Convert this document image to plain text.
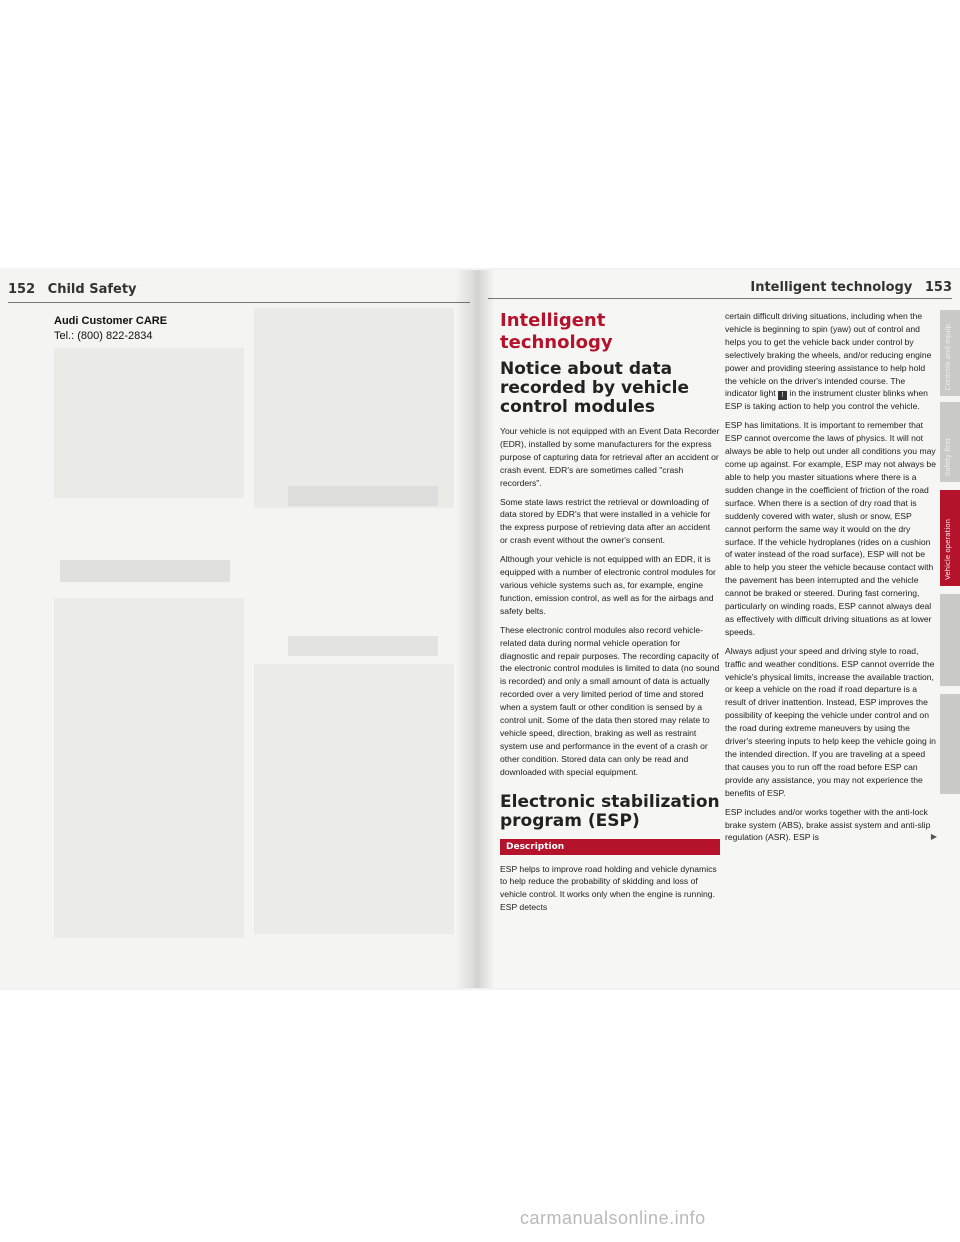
152 Child Safety
Audi Customer CARE
Tel.: (800) 822-2834
Intelligent technology 153
Intelligent technology
Notice about data recorded by vehicle control modules

Your vehicle is not equipped with an Event Data Recorder (EDR), installed by some manufacturers for the express purpose of capturing data for retrieval after an accident or crash event. EDR's are sometimes called "crash recorders".

Some state laws restrict the retrieval or downloading of data stored by EDR's that were installed in a vehicle for the express purpose of retrieving data after an accident or crash event without the owner's consent.

Although your vehicle is not equipped with an EDR, it is equipped with a number of electronic control modules for various vehicle systems such as, for example, engine function, emission control, as well as for the airbags and safety belts.

These electronic control modules also record vehicle-related data during normal vehicle operation for diagnostic and repair purposes. The recording capacity of the electronic control modules is limited to data (no sound is recorded) and only a small amount of data is actually recorded over a very limited period of time and stored when a system fault or other condition is sensed by a control unit. Some of the data then stored may relate to vehicle speed, direction, braking as well as restraint system use and performance in the event of a crash or other condition. Stored data can only be read and downloaded with special equipment.

Electronic stabilization program (ESP)
Description

ESP helps to improve road holding and vehicle dynamics to help reduce the probability of skidding and loss of vehicle control. It works only when the engine is running. ESP detects

certain difficult driving situations, including when the vehicle is beginning to spin (yaw) out of control and helps you to get the vehicle back under control by selectively braking the wheels, and/or reducing engine power and providing steering assistance to help hold the vehicle on the driver's intended course. The indicator light ! in the instrument cluster blinks when ESP is taking action to help you control the vehicle.

ESP has limitations. It is important to remember that ESP cannot overcome the laws of physics. It will not always be able to help out under all conditions you may come up against. For example, ESP may not always be able to help you master situations where there is a sudden change in the coefficient of friction of the road surface. When there is a section of dry road that is suddenly covered with water, slush or snow, ESP cannot perform the same way it would on the dry surface. If the vehicle hydroplanes (rides on a cushion of water instead of the road surface), ESP will not be able to help you steer the vehicle because contact with the pavement has been interrupted and the vehicle cannot be braked or steered. During fast cornering, particularly on winding roads, ESP cannot always deal as effectively with difficult driving situations as at lower speeds.

Always adjust your speed and driving style to road, traffic and weather conditions. ESP cannot override the vehicle's physical limits, increase the available traction, or keep a vehicle on the road if road departure is a result of driver inattention. Instead, ESP improves the possibility of keeping the vehicle under control and on the road during extreme maneuvers by using the driver's steering inputs to help keep the vehicle going in the intended direction. If you are traveling at a speed that causes you to run off the road before ESP can provide any assistance, you may not experience the benefits of ESP.

ESP includes and/or works together with the anti-lock brake system (ABS), brake assist system and anti-slip regulation (ASR). ESP is	▶

Controls and equip.
Safety first
Vehicle operation
carmanualsonline.info
